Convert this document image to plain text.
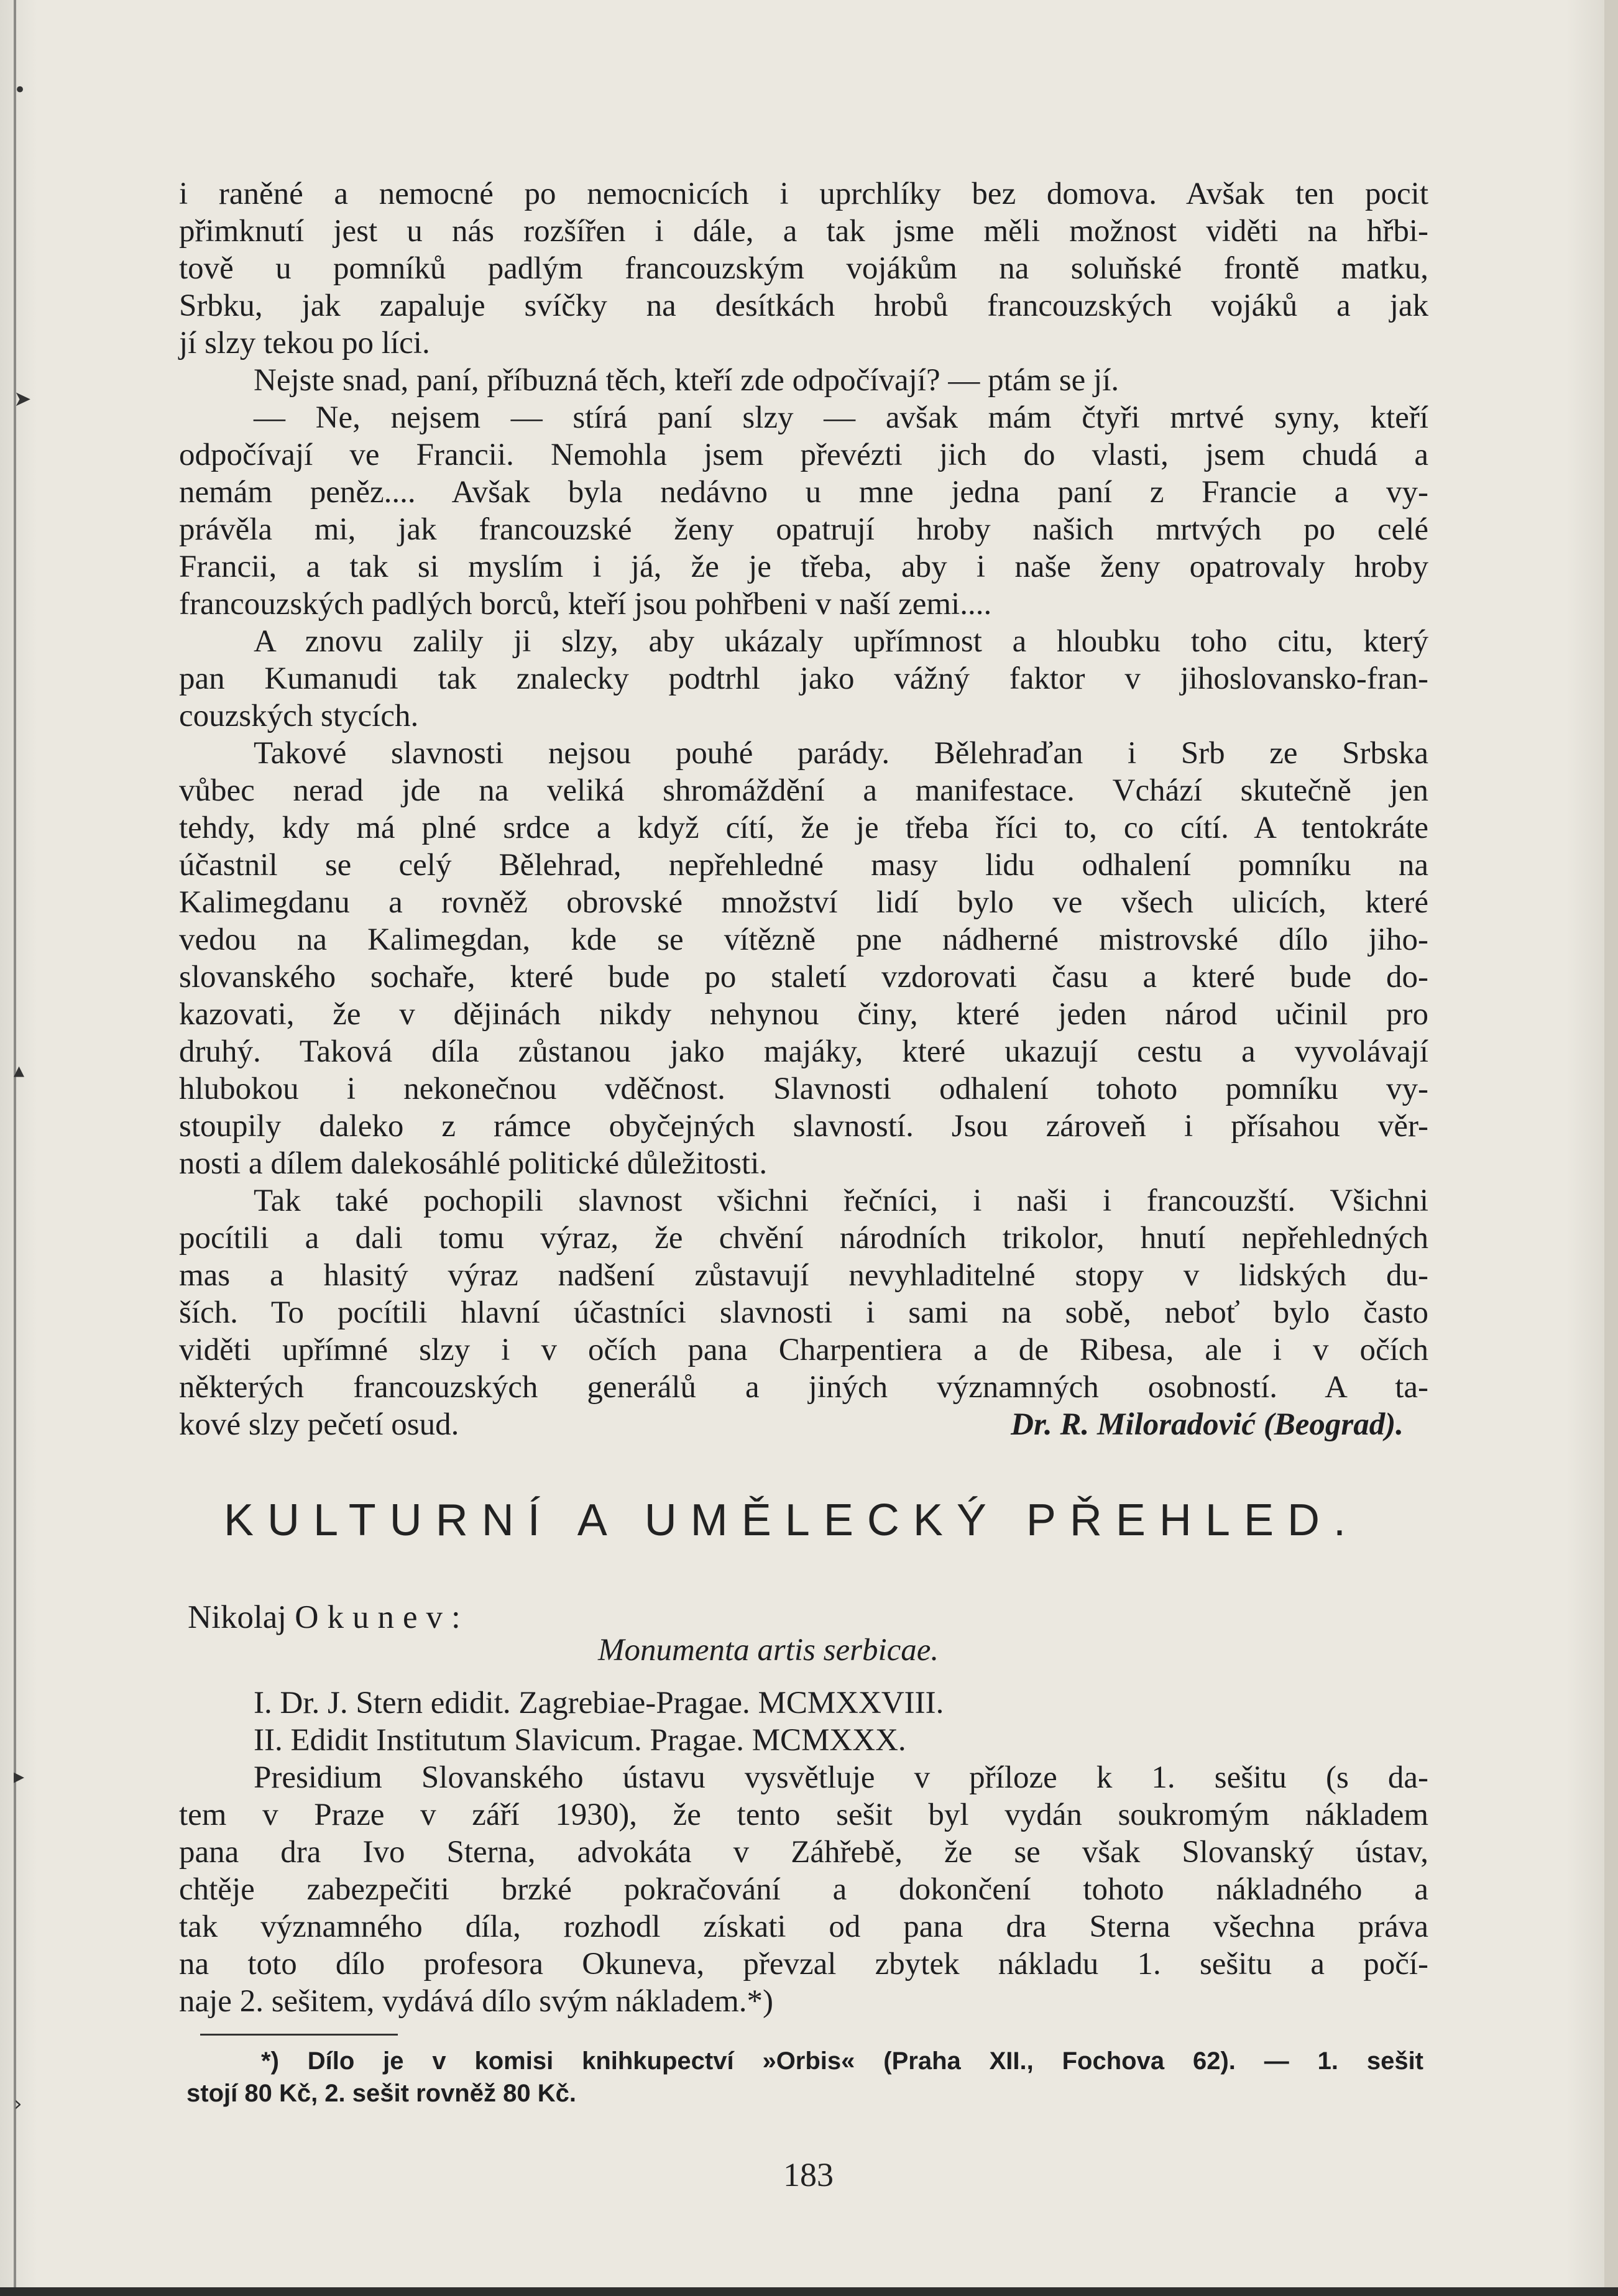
•
➤
▴
▸
›
i raněné a nemocné po nemocnicích i uprchlíky bez domova. Avšak ten pocit
přimknutí jest u nás rozšířen i dále, a tak jsme měli možnost viděti na hřbi-
tově u pomníků padlým francouzským vojákům na soluňské frontě matku,
Srbku, jak zapaluje svíčky na desítkách hrobů francouzských vojáků a jak
jí slzy tekou po líci.
Nejste snad, paní, příbuzná těch, kteří zde odpočívají? — ptám se jí.
— Ne, nejsem — stírá paní slzy — avšak mám čtyři mrtvé syny, kteří
odpočívají ve Francii. Nemohla jsem převézti jich do vlasti, jsem chudá a
nemám peněz.... Avšak byla nedávno u mne jedna paní z Francie a vy-
právěla mi, jak francouzské ženy opatrují hroby našich mrtvých po celé
Francii, a tak si myslím i já, že je třeba, aby i naše ženy opatrovaly hroby
francouzských padlých borců, kteří jsou pohřbeni v naší zemi....
A znovu zalily ji slzy, aby ukázaly upřímnost a hloubku toho citu, který
pan Kumanudi tak znalecky podtrhl jako vážný faktor v jihoslovansko-fran-
couzských stycích.
Takové slavnosti nejsou pouhé parády. Bělehraďan i Srb ze Srbska
vůbec nerad jde na veliká shromáždění a manifestace. Vchází skutečně jen
tehdy, kdy má plné srdce a když cítí, že je třeba říci to, co cítí. A tentokráte
účastnil se celý Bělehrad, nepřehledné masy lidu odhalení pomníku na
Kalimegdanu a rovněž obrovské množství lidí bylo ve všech ulicích, které
vedou na Kalimegdan, kde se vítězně pne nádherné mistrovské dílo jiho-
slovanského sochaře, které bude po staletí vzdorovati času a které bude do-
kazovati, že v dějinách nikdy nehynou činy, které jeden národ učinil pro
druhý. Taková díla zůstanou jako majáky, které ukazují cestu a vyvolávají
hlubokou i nekonečnou vděčnost. Slavnosti odhalení tohoto pomníku vy-
stoupily daleko z rámce obyčejných slavností. Jsou zároveň i přísahou věr-
nosti a dílem dalekosáhlé politické důležitosti.
Tak také pochopili slavnost všichni řečníci, i naši i francouzští. Všichni
pocítili a dali tomu výraz, že chvění národních trikolor, hnutí nepřehledných
mas a hlasitý výraz nadšení zůstavují nevyhladitelné stopy v lidských du-
ších. To pocítili hlavní účastníci slavnosti i sami na sobě, neboť bylo často
viděti upřímné slzy i v očích pana Charpentiera a de Ribesa, ale i v očích
některých francouzských generálů a jiných významných osobností. A ta-
kové slzy pečetí osud.	Dr. R. Miloradović (Beograd).
KULTURNÍ A UMĚLECKÝ PŘEHLED.
Nikolaj Okunev:
Monumenta artis serbicae.
I. Dr. J. Stern edidit. Zagrebiae-Pragae. MCMXXVIII.
II. Edidit Institutum Slavicum. Pragae. MCMXXX.
Presidium Slovanského ústavu vysvětluje v příloze k 1. sešitu (s da-
tem v Praze v září 1930), že tento sešit byl vydán soukromým nákladem
pana dra Ivo Sterna, advokáta v Záhřebě, že se však Slovanský ústav,
chtěje zabezpečiti brzké pokračování a dokončení tohoto nákladného a
tak významného díla, rozhodl získati od pana dra Sterna všechna práva
na toto dílo profesora Okuneva, převzal zbytek nákladu 1. sešitu a počí-
naje 2. sešitem, vydává dílo svým nákladem.*)
*) Dílo je v komisi knihkupectví »Orbis« (Praha XII., Fochova 62). — 1. sešit
stojí 80 Kč, 2. sešit rovněž 80 Kč.
183
